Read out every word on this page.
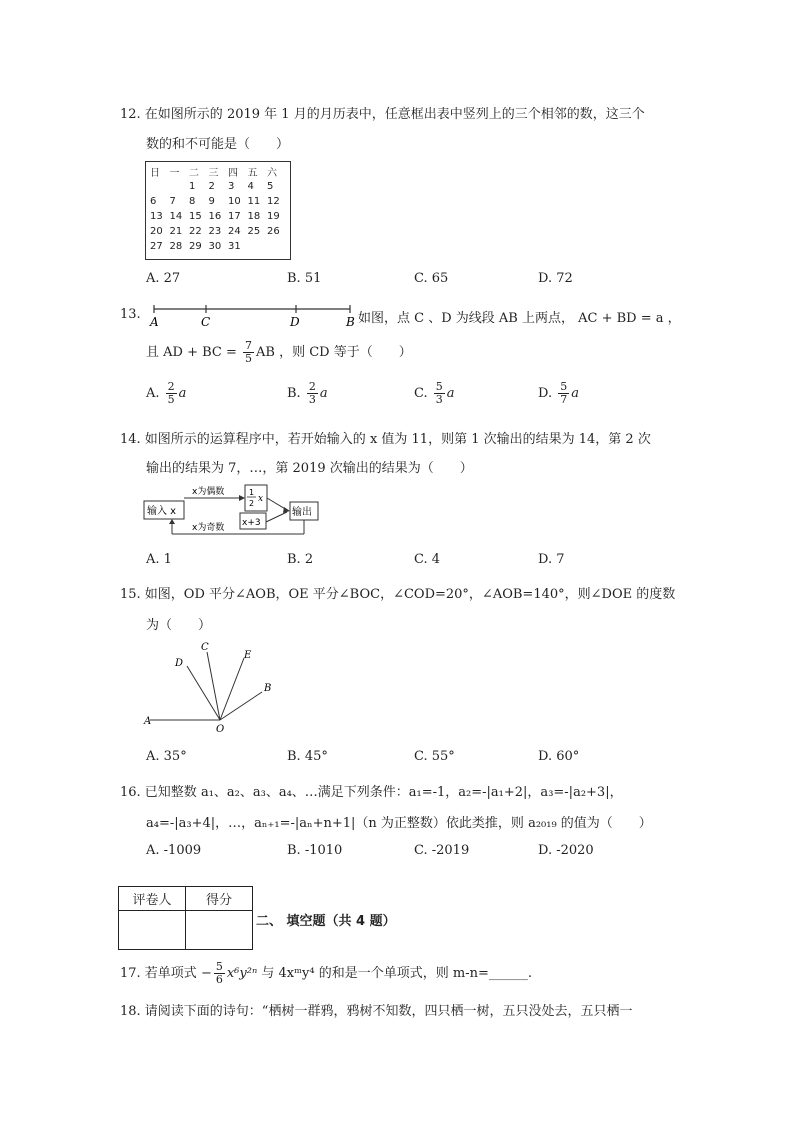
12. 在如图所示的 2019 年 1 月的月历表中，任意框出表中竖列上的三个相邻的数，这三个
数的和不可能是（　　）
日	一	二	三	四	五	六
		1	2	3	4	5
6	7	8	9	10	11	12
13	14	15	16	17	18	19
20	21	22	23	24	25	26
27	28	29	30	31		
A. 27	B. 51	C. 65	D. 72
13. A	C	D	B 如图，点 C 、D 为线段 AB 上两点， AC + BD = a ，
且 AD + BC = $\frac{7}{5}$ AB ，则 CD 等于（　　）
A. $\frac{2}{5}$ a	B. $\frac{2}{3}$ a	C. $\frac{5}{3}$ a	D. $\frac{5}{7}$ a
14. 如图所示的运算程序中，若开始输入的 x 值为 11，则第 1 次输出的结果为 14，第 2 次
输出的结果为 7，…，第 2019 次输出的结果为（　　）
输入 x
x为偶数	1
2 x
x+3
输出
x为奇数
A. 1	B. 2	C. 4	D. 7
15. 如图，OD 平分∠AOB，OE 平分∠BOC，∠COD=20°，∠AOB=140°，则∠DOE 的度数
为（　　）
A
O
D
C
E
B
A. 35°	B. 45°	C. 55°	D. 60°
16. 已知整数 a₁、a₂、a₃、a₄、…满足下列条件：a₁=-1，a₂=-|a₁+2|，a₃=-|a₂+3|，
a₄=-|a₃+4|，…，aₙ₊₁=-|aₙ+n+1|（n 为正整数）依此类推，则 a₂₀₁₉ 的值为（　　）
A. -1009	B. -1010	C. -2019	D. -2020
评卷人	得分

二、 填空题（共 4 题）
17. 若单项式 − $\frac{5}{6} x^6y^{2n}$ 与 4xᵐy⁴ 的和是一个单项式，则 m-n=______.
18. 请阅读下面的诗句：“栖树一群鸦，鸦树不知数，四只栖一树，五只没处去，五只栖一
